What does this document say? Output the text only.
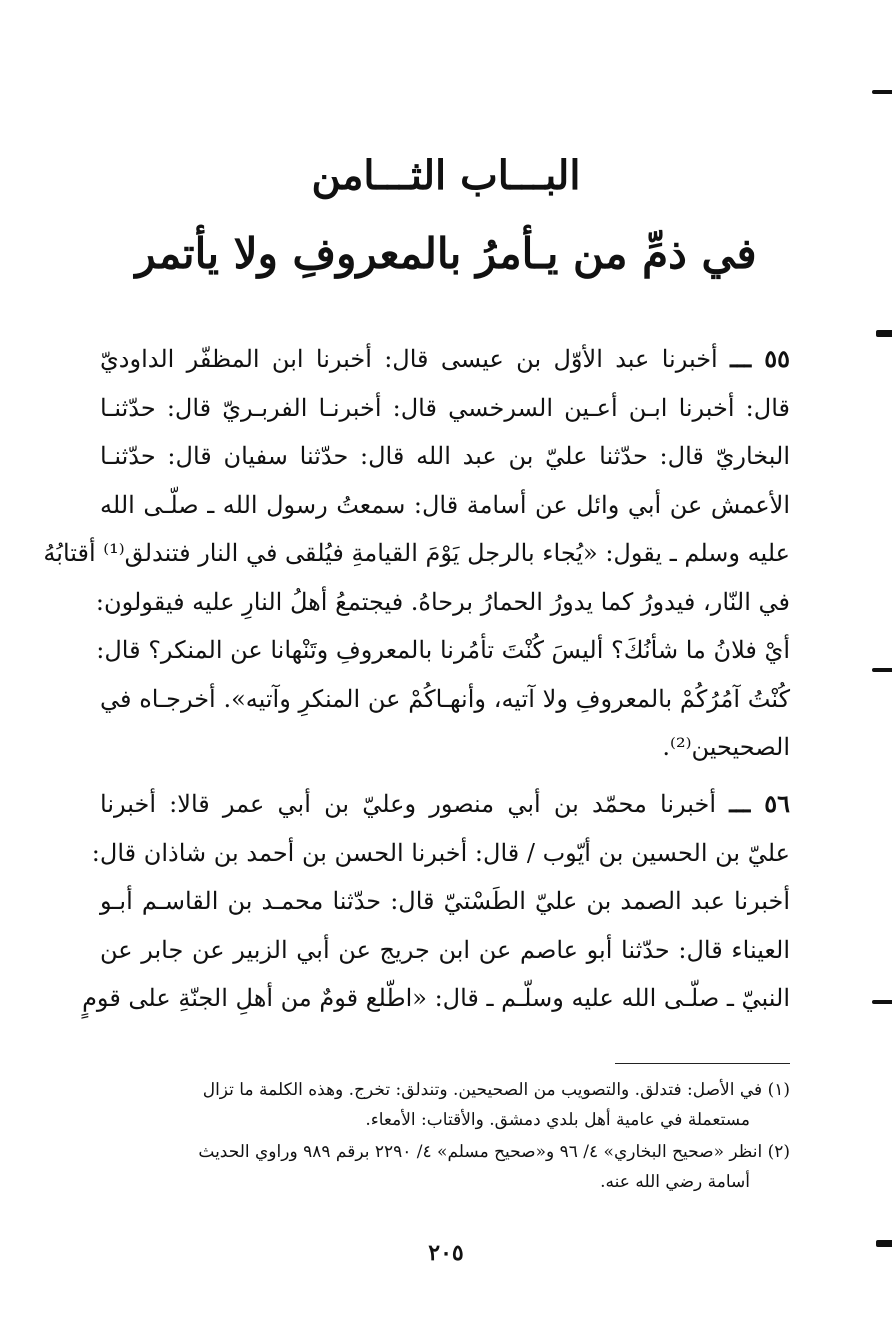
البـــاب الثـــامن

في ذمِّ من يـأمرُ بالمعروفِ ولا يأتمر

٥٥ ـــ أخبرنا عبد الأوّل بن عيسى قال: أخبرنا ابن المظفّر الداوديّ
قال: أخبرنا ابـن أعـين السرخسي قال: أخبرنـا الفربـريّ قال: حدّثنـا
البخاريّ قال: حدّثنا عليّ بن عبد الله قال: حدّثنا سفيان قال: حدّثنـا
الأعمش عن أبي وائل عن أسامة قال: سمعتُ رسول الله ـ صلّـى الله
عليه وسلم ـ يقول: «يُجاء بالرجل يَوْمَ القيامةِ فيُلقى في النار فتندلق⁽¹⁾ أقتابُهُ
في النّار، فيدورُ كما يدورُ الحمارُ برحاهُ. فيجتمعُ أهلُ النارِ عليه فيقولون:
أيْ فلانُ ما شأنُكَ؟ أليسَ كُنْتَ تأمُرنا بالمعروفِ وتَنْهانا عن المنكر؟ قال:
كُنْتُ آمُرُكُمْ بالمعروفِ ولا آتيه، وأنهـاكُمْ عن المنكرِ وآتيه». أخرجـاه في
الصحيحين⁽²⁾.
٥٦ ـــ أخبرنا محمّد بن أبي منصور وعليّ بن أبي عمر قالا: أخبرنا
عليّ بن الحسين بن أيّوب / قال: أخبرنا الحسن بن أحمد بن شاذان قال:
أخبرنا عبد الصمد بن عليّ الطَسْتيّ قال: حدّثنا محمـد بن القاسـم أبـو
العيناء قال: حدّثنا أبو عاصم عن ابن جريج عن أبي الزبير عن جابر عن
النبيّ ـ صلّـى الله عليه وسلّـم ـ قال: «اطّلع قومٌ من أهلِ الجنّةِ على قومٍ
(١) في الأصل: فتدلق. والتصويب من الصحيحين. وتندلق: تخرج. وهذه الكلمة ما تزال
مستعملة في عامية أهل بلدي دمشق. والأقتاب: الأمعاء.
(٢) انظر «صحيح البخاري» ٤/ ٩٦ و«صحيح مسلم» ٤/ ٢٢٩٠ برقم ٩٨٩ وراوي الحديث
أسامة رضي الله عنه.
٢٠٥
